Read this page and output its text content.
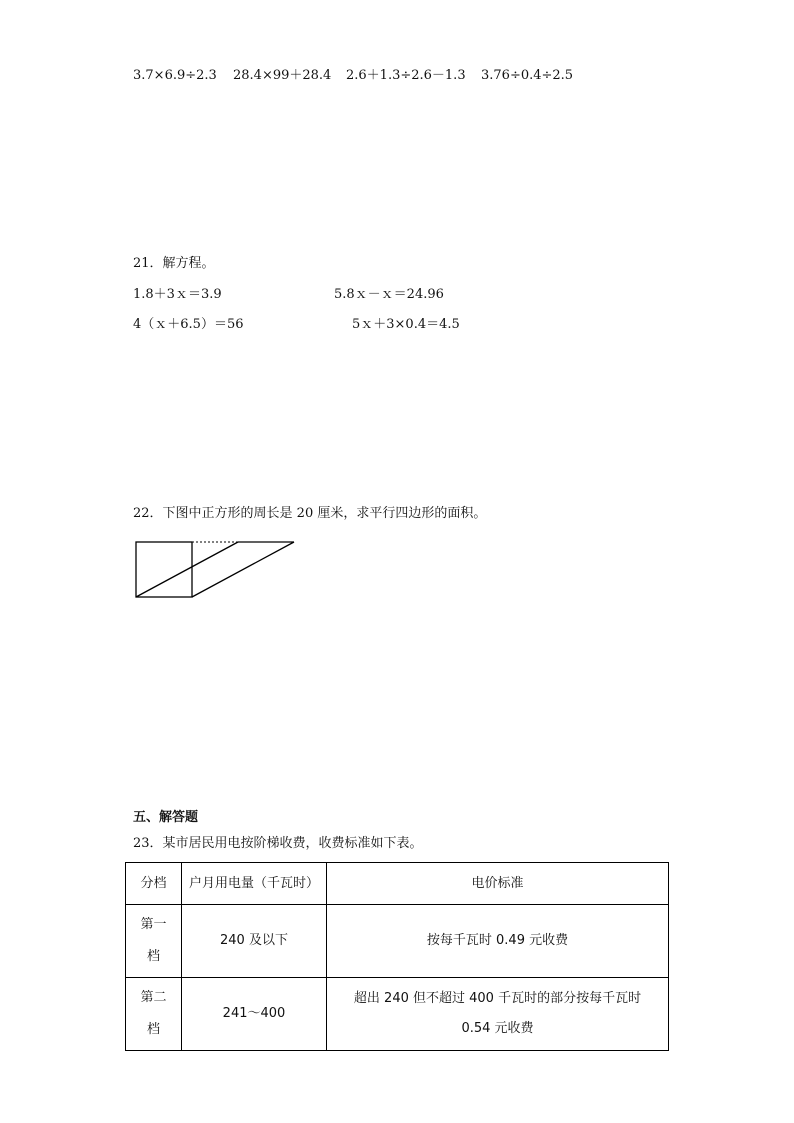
3.7×6.9÷2.3 28.4×99＋28.4 2.6＋1.3÷2.6－1.3 3.76÷0.4÷2.5
21．解方程。
1.8＋3ｘ＝3.9	5.8ｘ－ｘ＝24.96
4（ｘ＋6.5）＝56	5ｘ＋3×0.4＝4.5
22．下图中正方形的周长是 20 厘米，求平行四边形的面积。
五、解答题
23．某市居民用电按阶梯收费，收费标准如下表。
分档	户月用电量（千瓦时）	电价标准
第一档	240 及以下	按每千瓦时 0.49 元收费
第二档	241～400	超出 240 但不超过 400 千瓦时的部分按每千瓦时 0.54 元收费
